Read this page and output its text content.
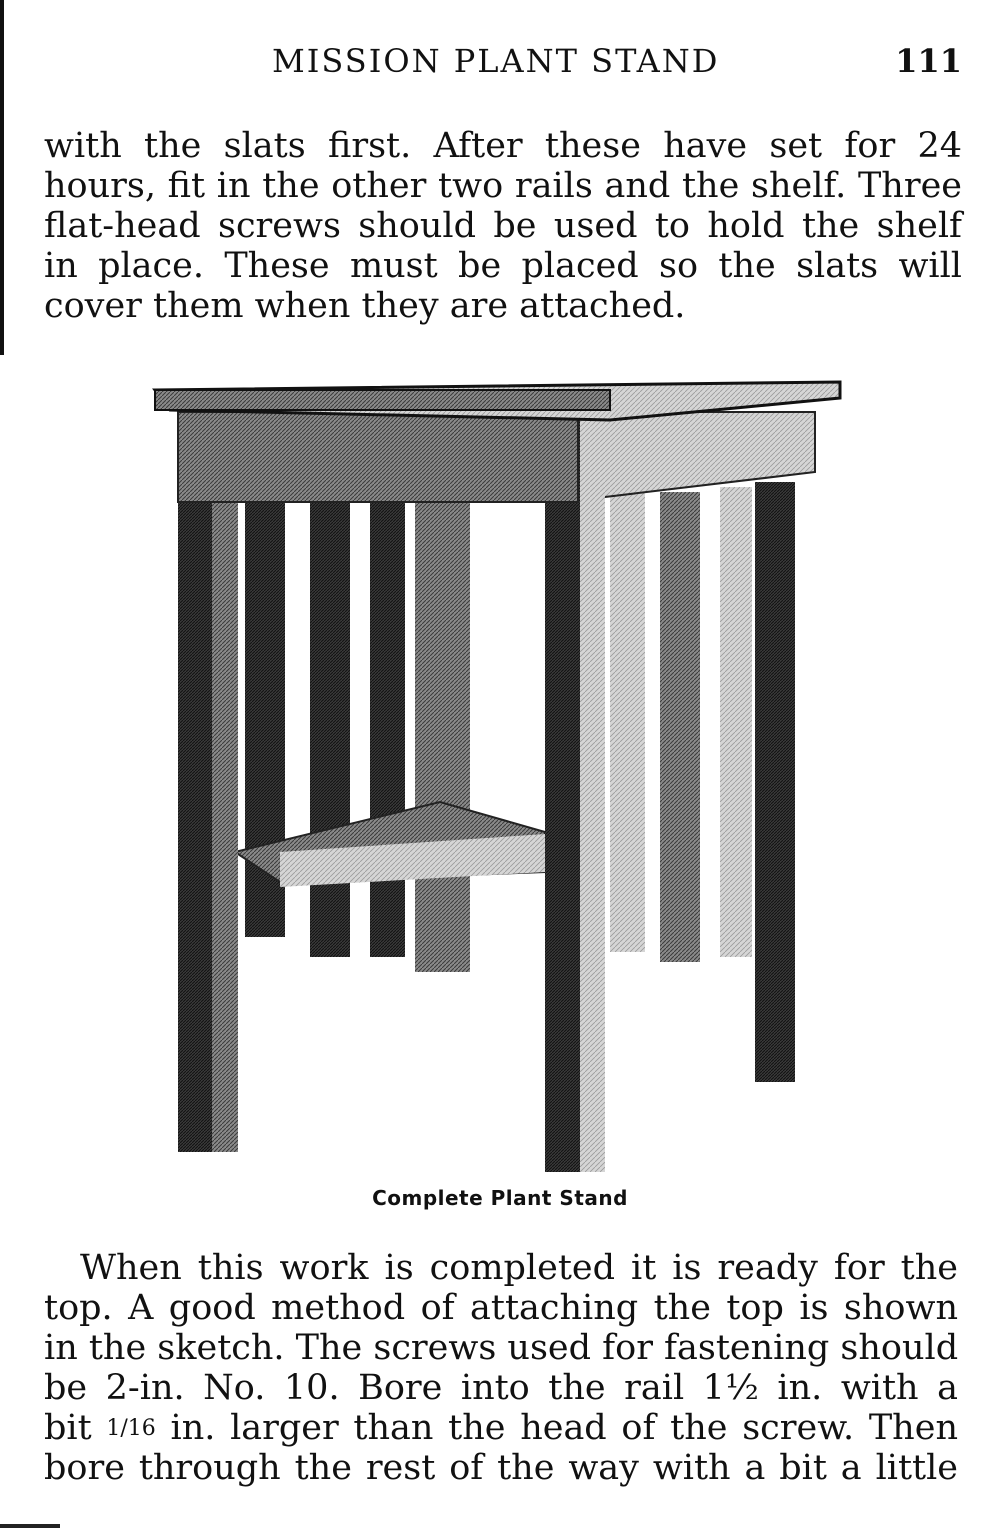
MISSION PLANT STAND	111
with the slats first. After these have set for 24
hours, fit in the other two rails and the shelf. Three
flat-head screws should be used to hold the shelf
in place. These must be placed so the slats will
cover them when they are attached.
Complete Plant Stand
When this work is completed it is ready for the
top. A good method of attaching the top is shown
in the sketch. The screws used for fastening should
be 2-in. No. 10. Bore into the rail 1½ in. with a
bit 1/16 in. larger than the head of the screw. Then
bore through the rest of the way with a bit a little
